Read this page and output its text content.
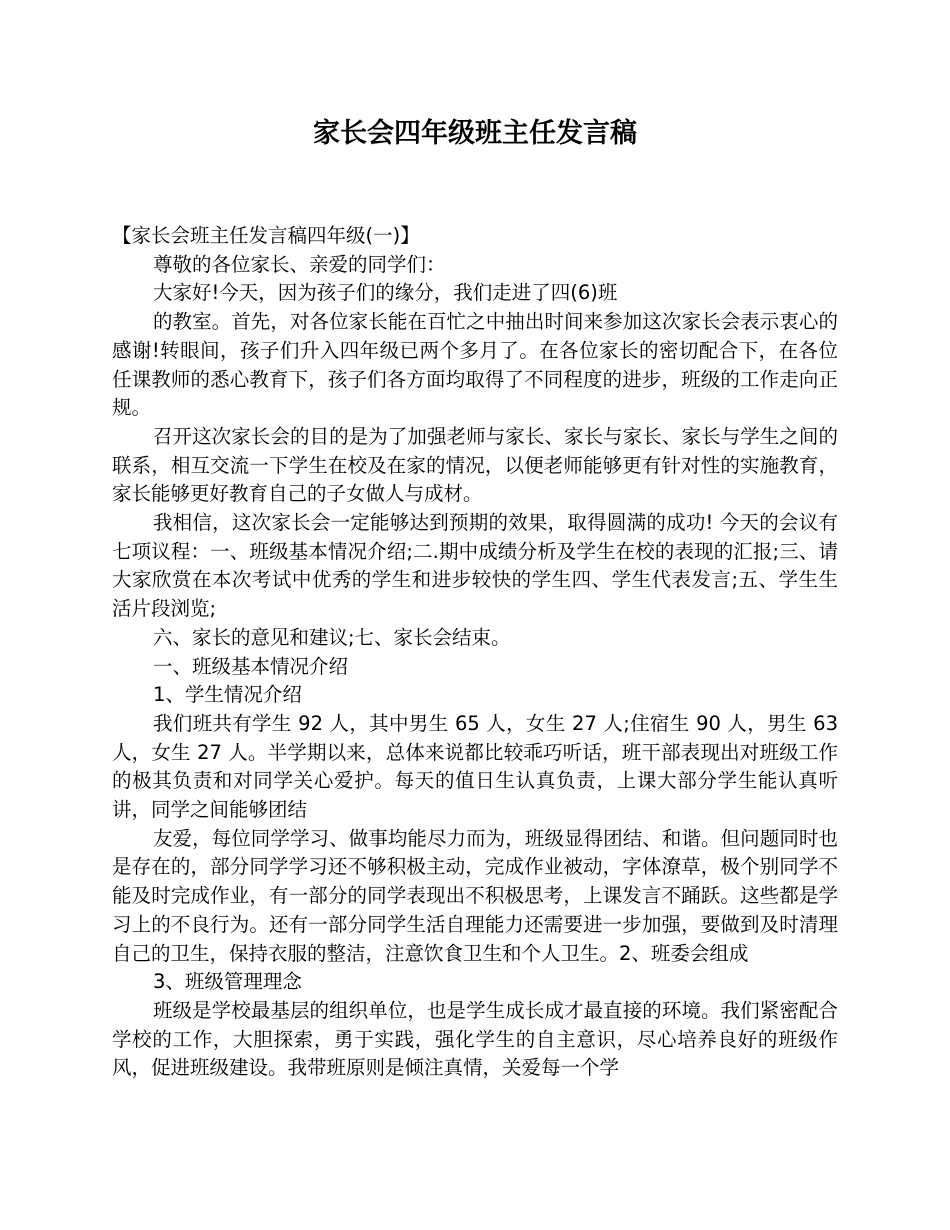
家长会四年级班主任发言稿

【家长会班主任发言稿四年级(一)】

尊敬的各位家长、亲爱的同学们：

大家好!今天，因为孩子们的缘分，我们走进了四(6)班

的教室。首先，对各位家长能在百忙之中抽出时间来参加这次家长会表示衷心的感谢!转眼间，孩子们升入四年级已两个多月了。在各位家长的密切配合下，在各位任课教师的悉心教育下，孩子们各方面均取得了不同程度的进步，班级的工作走向正规。

召开这次家长会的目的是为了加强老师与家长、家长与家长、家长与学生之间的联系，相互交流一下学生在校及在家的情况，以便老师能够更有针对性的实施教育，家长能够更好教育自己的子女做人与成材。

我相信，这次家长会一定能够达到预期的效果，取得圆满的成功! 今天的会议有七项议程：一、班级基本情况介绍;二.期中成绩分析及学生在校的表现的汇报;三、请大家欣赏在本次考试中优秀的学生和进步较快的学生四、学生代表发言;五、学生生活片段浏览;

六、家长的意见和建议;七、家长会结束。

一、班级基本情况介绍

1、学生情况介绍

我们班共有学生 92 人，其中男生 65 人，女生 27 人;住宿生 90 人，男生 63 人，女生 27 人。半学期以来，总体来说都比较乖巧听话，班干部表现出对班级工作的极其负责和对同学关心爱护。每天的值日生认真负责，上课大部分学生能认真听讲，同学之间能够团结

友爱，每位同学学习、做事均能尽力而为，班级显得团结、和谐。但问题同时也是存在的，部分同学学习还不够积极主动，完成作业被动，字体潦草，极个别同学不能及时完成作业，有一部分的同学表现出不积极思考，上课发言不踊跃。这些都是学习上的不良行为。还有一部分同学生活自理能力还需要进一步加强，要做到及时清理自己的卫生，保持衣服的整洁，注意饮食卫生和个人卫生。2、班委会组成

3、班级管理理念

班级是学校最基层的组织单位，也是学生成长成才最直接的环境。我们紧密配合学校的工作，大胆探索，勇于实践，强化学生的自主意识，尽心培养良好的班级作风，促进班级建设。我带班原则是倾注真情，关爱每一个学
